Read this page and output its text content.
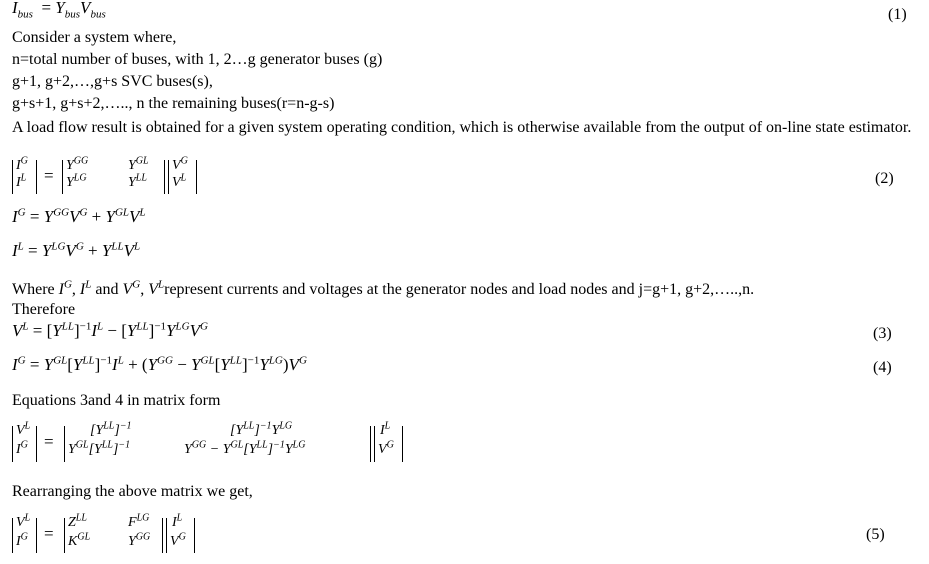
$I_{bus} = Y_{bus}V_{bus}$	(1)
Consider a system where,
n=total number of buses, with 1, 2…g generator buses (g)
g+1, g+2,…,g+s SVC buses(s),
g+s+1, g+s+2,….., n the remaining buses(r=n-g-s)
A load flow result is obtained for a given system operating condition, which is otherwise available from the output of on-line state estimator.
$I^G$
$I^L$ =
$Y^{GG}$	$Y^{GL}$
$Y^{LG}$	$Y^{LL}$
$V^G$
$V^L$	(2)
$I^G = Y^{GG}V^G + Y^{GL}V^L$
$I^L = Y^{LG}V^G + Y^{LL}V^L$
Where $I^G$, $I^L$ and $V^G$, $V^Lrepresent$ currents and voltages at the generator nodes and load nodes and j=g+1, g+2,…..,n.
Therefore
$V^L = [Y^{LL}]^{-1}I^L - [Y^{LL}]^{-1}Y^{LG}V^G$	(3)
$I^G = Y^{GL}[Y^{LL}]^{-1}I^L + (Y^{GG} - Y^{GL}[Y^{LL}]^{-1}Y^{LG})V^G$	(4)
Equations 3and 4 in matrix form
$V^L$
$I^G$ =
$[Y^{LL}]^{-1}$	$[Y^{LL}]^{-1}Y^{LG}$
$Y^{GL}[Y^{LL}]^{-1}$	$Y^{GG} - Y^{GL}[Y^{LL}]^{-1}Y^{LG}$
$I^L$
$V^G$
Rearranging the above matrix we get,
$V^L$
$I^G$ =
$Z^{LL}$	$F^{LG}$
$K^{GL}$	$Y^{GG}$
$I^L$
$V^G$	(5)
